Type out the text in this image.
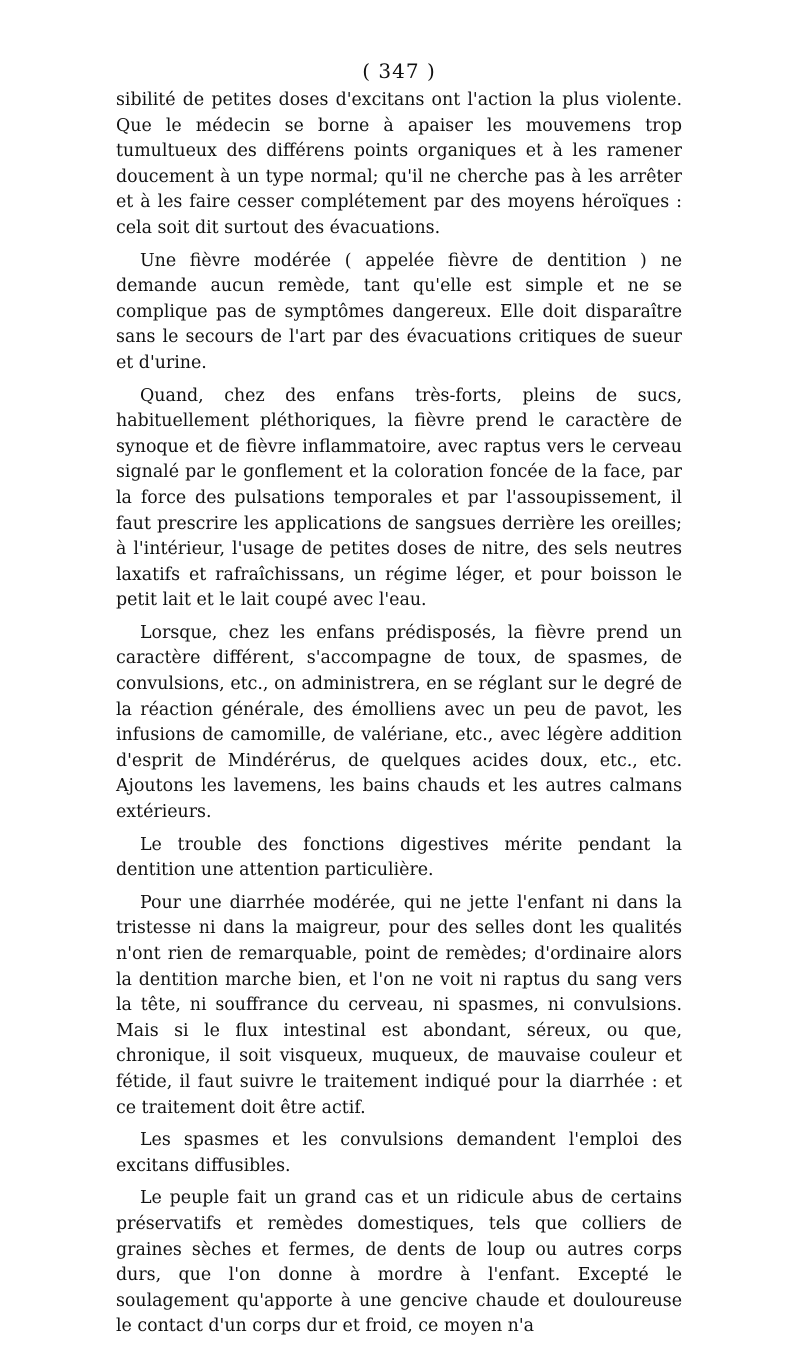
( 347 )

sibilité de petites doses d'excitans ont l'action la plus violente. Que le médecin se borne à apaiser les mouvemens trop tumultueux des différens points organiques et à les ramener doucement à un type normal; qu'il ne cherche pas à les arrêter et à les faire cesser complétement par des moyens héroïques : cela soit dit surtout des évacuations.

Une fièvre modérée ( appelée fièvre de dentition ) ne demande aucun remède, tant qu'elle est simple et ne se complique pas de symptômes dangereux. Elle doit disparaître sans le secours de l'art par des évacuations critiques de sueur et d'urine.

Quand, chez des enfans très-forts, pleins de sucs, habituellement pléthoriques, la fièvre prend le caractère de synoque et de fièvre inflammatoire, avec raptus vers le cerveau signalé par le gonflement et la coloration foncée de la face, par la force des pulsations temporales et par l'assoupissement, il faut prescrire les applications de sangsues derrière les oreilles; à l'intérieur, l'usage de petites doses de nitre, des sels neutres laxatifs et rafraîchissans, un régime léger, et pour boisson le petit lait et le lait coupé avec l'eau.

Lorsque, chez les enfans prédisposés, la fièvre prend un caractère différent, s'accompagne de toux, de spasmes, de convulsions, etc., on administrera, en se réglant sur le degré de la réaction générale, des émolliens avec un peu de pavot, les infusions de camomille, de valériane, etc., avec légère addition d'esprit de Mindérérus, de quelques acides doux, etc., etc. Ajoutons les lavemens, les bains chauds et les autres calmans extérieurs.

Le trouble des fonctions digestives mérite pendant la dentition une attention particulière.

Pour une diarrhée modérée, qui ne jette l'enfant ni dans la tristesse ni dans la maigreur, pour des selles dont les qualités n'ont rien de remarquable, point de remèdes; d'ordinaire alors la dentition marche bien, et l'on ne voit ni raptus du sang vers la tête, ni souffrance du cerveau, ni spasmes, ni convulsions. Mais si le flux intestinal est abondant, séreux, ou que, chronique, il soit visqueux, muqueux, de mauvaise couleur et fétide, il faut suivre le traitement indiqué pour la diarrhée : et ce traitement doit être actif.

Les spasmes et les convulsions demandent l'emploi des excitans diffusibles.

Le peuple fait un grand cas et un ridicule abus de certains préservatifs et remèdes domestiques, tels que colliers de graines sèches et fermes, de dents de loup ou autres corps durs, que l'on donne à mordre à l'enfant. Excepté le soulagement qu'apporte à une gencive chaude et douloureuse le contact d'un corps dur et froid, ce moyen n'a
